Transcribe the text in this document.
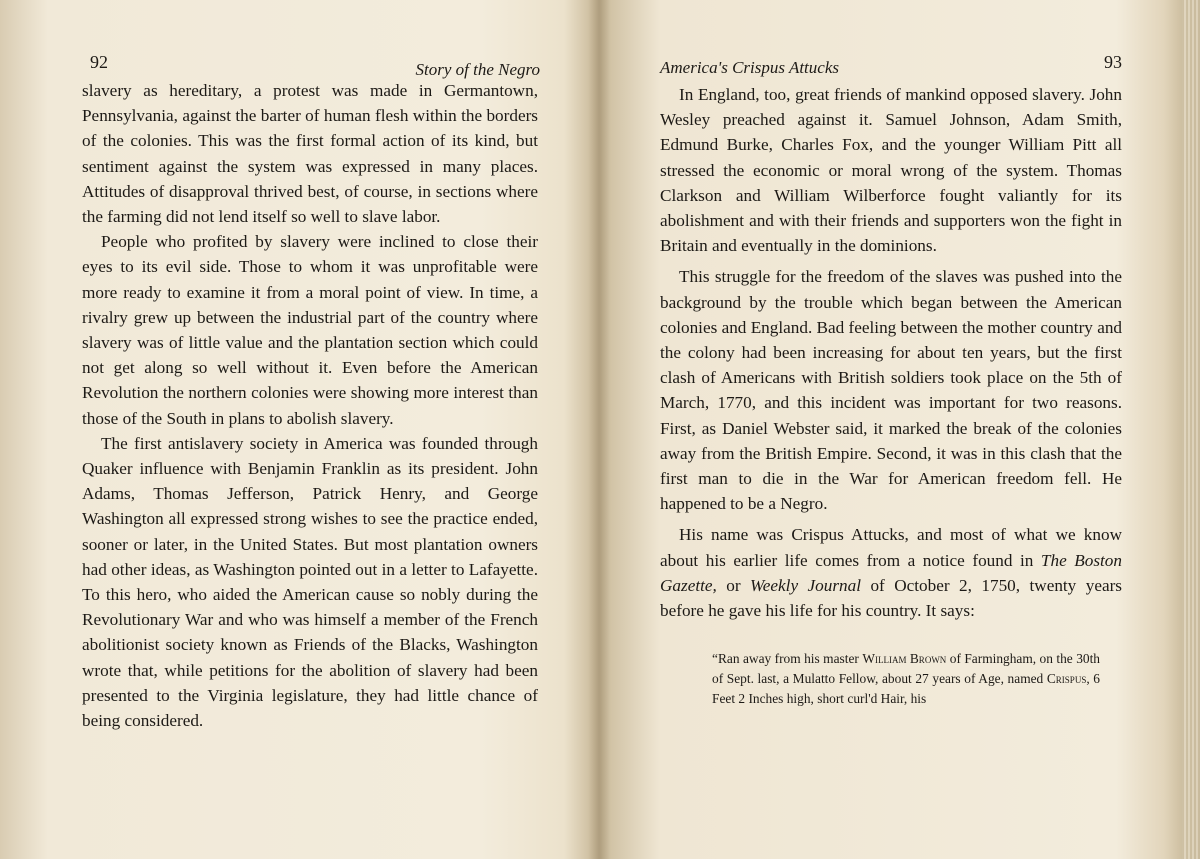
92	Story of the Negro

slavery as hereditary, a protest was made in Germantown, Pennsylvania, against the barter of human flesh within the borders of the colonies. This was the first formal action of its kind, but sentiment against the system was expressed in many places. Attitudes of disapproval thrived best, of course, in sections where the farming did not lend itself so well to slave labor.

People who profited by slavery were inclined to close their eyes to its evil side. Those to whom it was unprofitable were more ready to examine it from a moral point of view. In time, a rivalry grew up between the industrial part of the country where slavery was of little value and the plantation section which could not get along so well without it. Even before the American Revolution the northern colonies were showing more interest than those of the South in plans to abolish slavery.

The first antislavery society in America was founded through Quaker influence with Benjamin Franklin as its president. John Adams, Thomas Jefferson, Patrick Henry, and George Washington all expressed strong wishes to see the practice ended, sooner or later, in the United States. But most plantation owners had other ideas, as Washington pointed out in a letter to Lafayette. To this hero, who aided the American cause so nobly during the Revolutionary War and who was himself a member of the French abolitionist society known as Friends of the Blacks, Washington wrote that, while petitions for the abolition of slavery had been presented to the Virginia legislature, they had little chance of being considered.

America's Crispus Attucks	93

In England, too, great friends of mankind opposed slavery. John Wesley preached against it. Samuel Johnson, Adam Smith, Edmund Burke, Charles Fox, and the younger William Pitt all stressed the economic or moral wrong of the system. Thomas Clarkson and William Wilberforce fought valiantly for its abolishment and with their friends and supporters won the fight in Britain and eventually in the dominions.

This struggle for the freedom of the slaves was pushed into the background by the trouble which began between the American colonies and England. Bad feeling between the mother country and the colony had been increasing for about ten years, but the first clash of Americans with British soldiers took place on the 5th of March, 1770, and this incident was important for two reasons. First, as Daniel Webster said, it marked the break of the colonies away from the British Empire. Second, it was in this clash that the first man to die in the War for American freedom fell. He happened to be a Negro.

His name was Crispus Attucks, and most of what we know about his earlier life comes from a notice found in The Boston Gazette, or Weekly Journal of October 2, 1750, twenty years before he gave his life for his country. It says:

“Ran away from his master William Brown of Farmingham, on the 30th of Sept. last, a Mulatto Fellow, about 27 years of Age, named Crispus, 6 Feet 2 Inches high, short curl'd Hair, his
